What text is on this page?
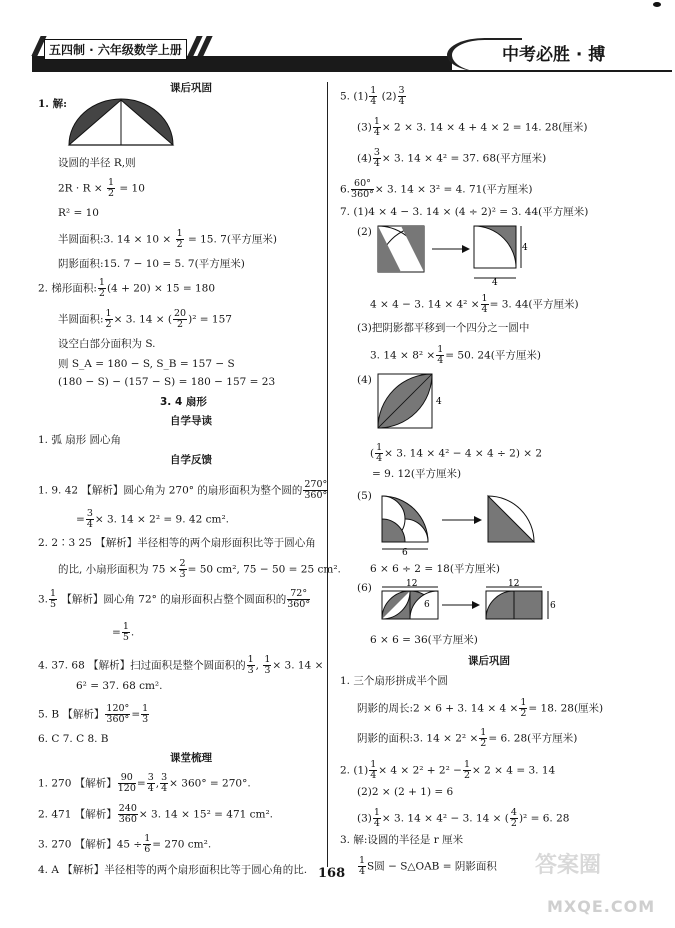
五四制 · 六年级数学上册	中考必胜 · 搏
课后巩固
1. 解:
设圆的半径 R,则
$2R \cdot R \times \frac{1}{2} = 10$
R² = 10
半圆面积:3. $14 \times 10 \times \frac{1}{2} = 15$. 7(平方厘米)
阴影面积:15. 7 − 10 = 5. 7(平方厘米)
2. 梯形面积: $\frac{1}{2} (4 + 20) \times 15 = 180$
半圆面积: $\frac{1}{2} \times 3$. 14 × ( $\frac{20}{2} )^2 = 157$
设空白部分面积为 S.
则 S_A = 180 − S, S_B = 157 − S
(180 − S) − (157 − S) = 180 − 157 = 23
3. 4 扇形
自学导读
1. 弧 扇形 圆心角
自学反馈
1. 9. 42 【解析】圆心角为 270° 的扇形面积为整个圆的 $\frac{270^\circ}{360^\circ}$
= $\frac{3}{4} \times 3$. 14 × 2² = 9. 42 cm².
2. 2∶3 25 【解析】半径相等的两个扇形面积比等于圆心角
的比, 小扇形面积为 $75 \times \frac{2}{3} = 50$ cm², 75 − 50 = 25 cm².
3. $\frac{1}{5}$ 【解析】圆心角 72° 的扇形面积占整个圆面积的 $\frac{72^\circ}{360^\circ}$
= $\frac{1}{5}$ .
4. 37. 68 【解析】扫过面积是整个圆面积的 $\frac{1}{3}$ , $\frac{1}{3} \times 3$. 14 ×
6² = 37. 68 cm².
5. B 【解析】 $\frac{120^\circ}{360^\circ} = \frac{1}{3}$
6. C 7. C 8. B
课堂梳理
1. 270 【解析】 $\frac{90}{120} = \frac{3}{4}$ , $\frac{3}{4} \times 360^\circ = 270^\circ$.
2. 471 【解析】 $\frac{240}{360} \times 3$. 14 × 15² = 471 cm².
3. 270 【解析】$45 \div \frac{1}{6} = 270$ cm².
4. A 【解析】半径相等的两个扇形面积比等于圆心角的比.
5. $(1) \frac{1}{4} (2) \frac{3}{4}$
$(3) \frac{1}{4} \times 2 \times 3$. 14 × 4 + 4 × 2 = 14. 28(厘米)
$(4) \frac{3}{4} \times 3$. 14 × 4² = 37. 68(平方厘米)
6. $\frac{60^\circ}{360^\circ} \times 3$. 14 × 3² = 4. 71(平方厘米)
7. (1)4 × 4 − 3. 14 × (4 ÷ 2)² = 3. 44(平方厘米)
(2)
4
4
4 × 4 − 3. $14 \times 4^2 \times \frac{1}{4} = 3$. 44(平方厘米)
(3)把阴影都平移到一个四分之一圆中
3. $14 \times 8^2 \times \frac{1}{4} = 50$. 24(平方厘米)
(4)
4
( $\frac{1}{4} \times 3$. 14 × 4² − 4 × 4 ÷ 2) × 2
= 9. 12(平方厘米)
(5)
6
6 × 6 ÷ 2 = 18(平方厘米)
(6)	12	12
6
6
6 × 6 = 36(平方厘米)
课后巩固
1. 三个扇形拼成半个圆
阴影的周长:2 × 6 + 3. $14 \times 4 \times \frac{1}{2} = 18$. 28(厘米)
阴影的面积:3. $14 \times 2^2 \times \frac{1}{2} = 6$. 28(平方厘米)
2. $(1) \frac{1}{4} \times 4 \times 2^2 + 2^2 - \frac{1}{2} \times 2 \times 4 = 3$. 14
(2)2 × (2 + 1) = 6
$(3) \frac{1}{4} \times 3$. 14 × 4² − 3. 14 × ( $\frac{4}{2} )^2 = 6$. 28
3. 解:设圆的半径是 r 厘米
$\frac{1}{4}$ S圆 − S△OAB = 阴影面积
168	答案圈
MXQE.COM
